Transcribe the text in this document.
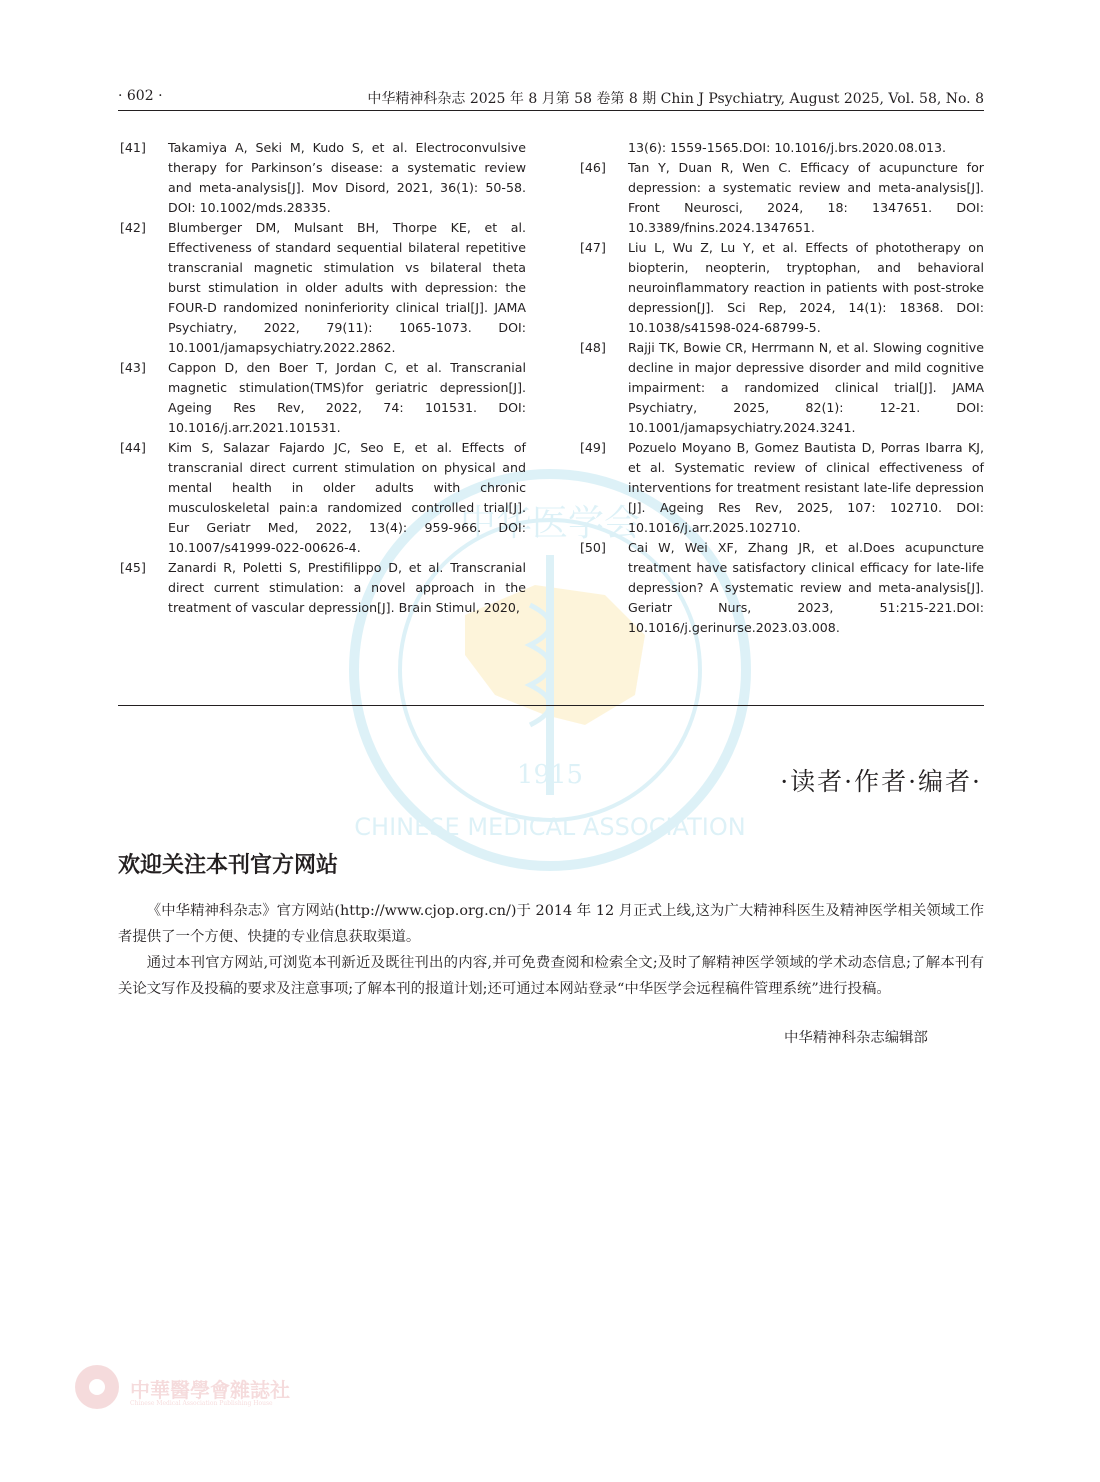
中华医学会
CHINESE MEDICAL ASSOCIATION
1915
· 602 ·	中华精神科杂志 2025 年 8 月第 58 卷第 8 期 Chin J Psychiatry, August 2025, Vol. 58, No. 8
[41] Takamiya A, Seki M, Kudo S, et al. Electroconvulsive therapy for Parkinson’s disease: a systematic review and meta-analysis[J]. Mov Disord, 2021, 36(1): 50-58. DOI: 10.1002/mds.28335.
[42] Blumberger DM, Mulsant BH, Thorpe KE, et al. Effectiveness of standard sequential bilateral repetitive transcranial magnetic stimulation vs bilateral theta burst stimulation in older adults with depression: the FOUR-D randomized noninferiority clinical trial[J]. JAMA Psychiatry, 2022, 79(11): 1065-1073. DOI: 10.1001/jamapsychiatry.2022.2862.
[43] Cappon D, den Boer T, Jordan C, et al. Transcranial magnetic stimulation(TMS)for geriatric depression[J]. Ageing Res Rev, 2022, 74: 101531. DOI: 10.1016/j.arr.2021.101531.
[44] Kim S, Salazar Fajardo JC, Seo E, et al. Effects of transcranial direct current stimulation on physical and mental health in older adults with chronic musculoskeletal pain:a randomized controlled trial[J]. Eur Geriatr Med, 2022, 13(4): 959-966. DOI: 10.1007/s41999-022-00626-4.
[45] Zanardi R, Poletti S, Prestifilippo D, et al. Transcranial direct current stimulation: a novel approach in the treatment of vascular depression[J]. Brain Stimul, 2020,
13(6): 1559-1565.DOI: 10.1016/j.brs.2020.08.013.
[46] Tan Y, Duan R, Wen C. Efficacy of acupuncture for depression: a systematic review and meta-analysis[J]. Front Neurosci, 2024, 18: 1347651. DOI: 10.3389/fnins.2024.1347651.
[47] Liu L, Wu Z, Lu Y, et al. Effects of phototherapy on biopterin, neopterin, tryptophan, and behavioral neuroinflammatory reaction in patients with post-stroke depression[J]. Sci Rep, 2024, 14(1): 18368. DOI: 10.1038/s41598-024-68799-5.
[48] Rajji TK, Bowie CR, Herrmann N, et al. Slowing cognitive decline in major depressive disorder and mild cognitive impairment: a randomized clinical trial[J]. JAMA Psychiatry, 2025, 82(1): 12-21. DOI: 10.1001/jamapsychiatry.2024.3241.
[49] Pozuelo Moyano B, Gomez Bautista D, Porras Ibarra KJ, et al. Systematic review of clinical effectiveness of interventions for treatment resistant late-life depression [J]. Ageing Res Rev, 2025, 107: 102710. DOI: 10.1016/j.arr.2025.102710.
[50] Cai W, Wei XF, Zhang JR, et al.Does acupuncture treatment have satisfactory clinical efficacy for late-life depression? A systematic review and meta-analysis[J]. Geriatr Nurs, 2023, 51:215-221.DOI: 10.1016/j.gerinurse.2023.03.008.
·读者·作者·编者·
欢迎关注本刊官方网站

《中华精神科杂志》官方网站(http://www.cjop.org.cn/)于 2014 年 12 月正式上线,这为广大精神科医生及精神医学相关领域工作者提供了一个方便、快捷的专业信息获取渠道。

通过本刊官方网站,可浏览本刊新近及既往刊出的内容,并可免费查阅和检索全文;及时了解精神医学领域的学术动态信息;了解本刊有关论文写作及投稿的要求及注意事项;了解本刊的报道计划;还可通过本网站登录“中华医学会远程稿件管理系统”进行投稿。

中华精神科杂志编辑部
中華醫學會雜誌社
Chinese Medical Association Publishing House
